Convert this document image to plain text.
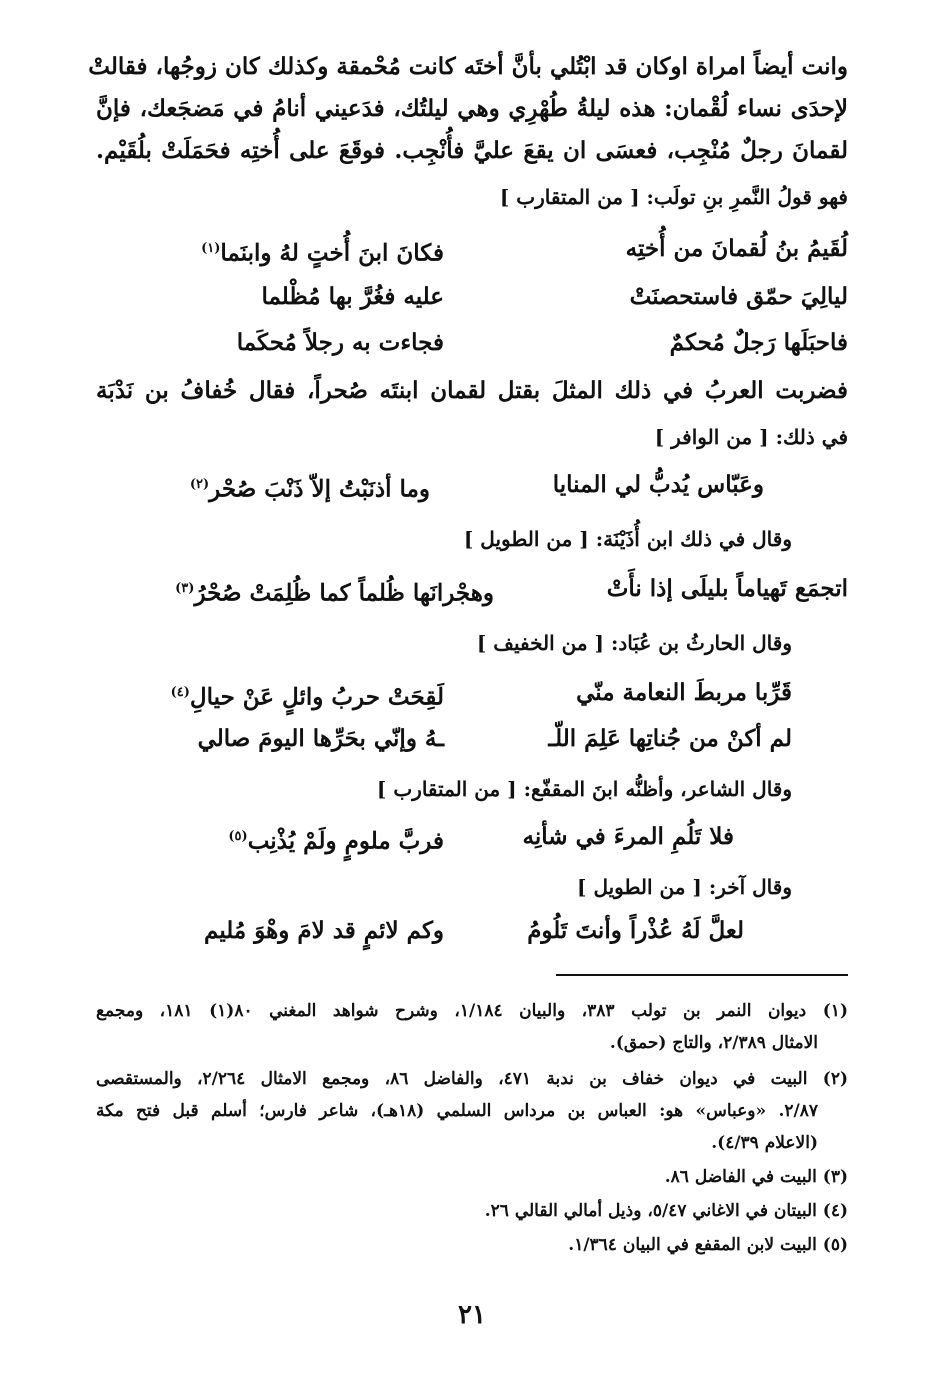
وانت أيضاً امراة اوكان قد ابْتُلي بأنَّ أختَه كانت مُحْمقة وكذلك كان زوجُها، فقالتْ
لإحدَى نساء لُقْمان: هذه ليلةُ طُهْرِي وهي ليلتُك، فدَعيني أنامُ في مَضجَعك، فإنَّ
لقمانَ رجلٌ مُنْجِب، فعسَى ان يقعَ عليَّ فأُنْجِب. فوقَعَ على أُختِه فحَمَلَتْ بلُقَيْم.
فهو قولُ النَّمرِ بنِ تولَب: [ من المتقارب ]
لُقَيمُ بنُ لُقمانَ من أُختِه
فكانَ ابنَ أُختٍ لهُ وابنَما$^{(١)}$
ليالِيَ حمّق فاستحصنَتْ
عليه فغُرَّ بها مُظْلما
فاحبَلَها رَجلٌ مُحكمٌ
فجاءت به رجلاً مُحكَما
فضربت العربُ في ذلك المثلَ بقتل لقمان ابنتَه صُحراً، فقال خُفافُ بن نَدْبَة
في ذلك: [ من الوافر ]
وعَبّاس يُدبُّ لي المنايا
وما أذنَبْتُ إلاّ ذَنْبَ صُحْر$^{(٢)}$
وقال في ذلك ابن أُذَيْنَة: [ من الطويل ]
اتجمَع تَهياماً بليلَى إذا نأَتْ
وهجْرانَها ظُلماً كما ظُلِمَتْ صُحْرُ$^{(٣)}$
وقال الحارثُ بن عُبَاد: [ من الخفيف ]
قَرِّبا مربطَ النعامة منّي
لَقِحَتْ حربُ وائلٍ عَنْ حيالِ$^{(٤)}$
لم أكنْ من جُناتِها عَلِمَ اللّـ
ـهُ وإنّي بحَرِّها اليومَ صالي
وقال الشاعر، وأظنُّه ابنَ المقفّع: [ من المتقارب ]
فلا تَلُمِ المرءَ في شأنِه
فربَّ ملومٍ ولَمْ يُذْنِب$^{(٥)}$
وقال آخر: [ من الطويل ]
لعلَّ لَهُ عُذْراً وأنتَ تَلُومُ
وكم لائمٍ قد لامَ وهْوَ مُليم
(١) ديوان النمر بن تولب ٣٨٣، والبيان ١/١٨٤، وشرح شواهد المغني ٨٠(١) ١٨١، ومجمع
الامثال ٢/٣٨٩، والتاج (حمق).
(٢) البيت في ديوان خفاف بن ندبة ٤٧١، والفاضل ٨٦، ومجمع الامثال ٢/٢٦٤، والمستقصى
٢/٨٧. «وعباس» هو: العباس بن مرداس السلمي (١٨هـ)، شاعر فارس؛ أسلم قبل فتح مكة
(الاعلام ٤/٣٩).
(٣) البيت في الفاضل ٨٦.
(٤) البيتان في الاغاني ٥/٤٧، وذيل أمالي القالي ٢٦.
(٥) البيت لابن المقفع في البيان ١/٣٦٤.
٢١
